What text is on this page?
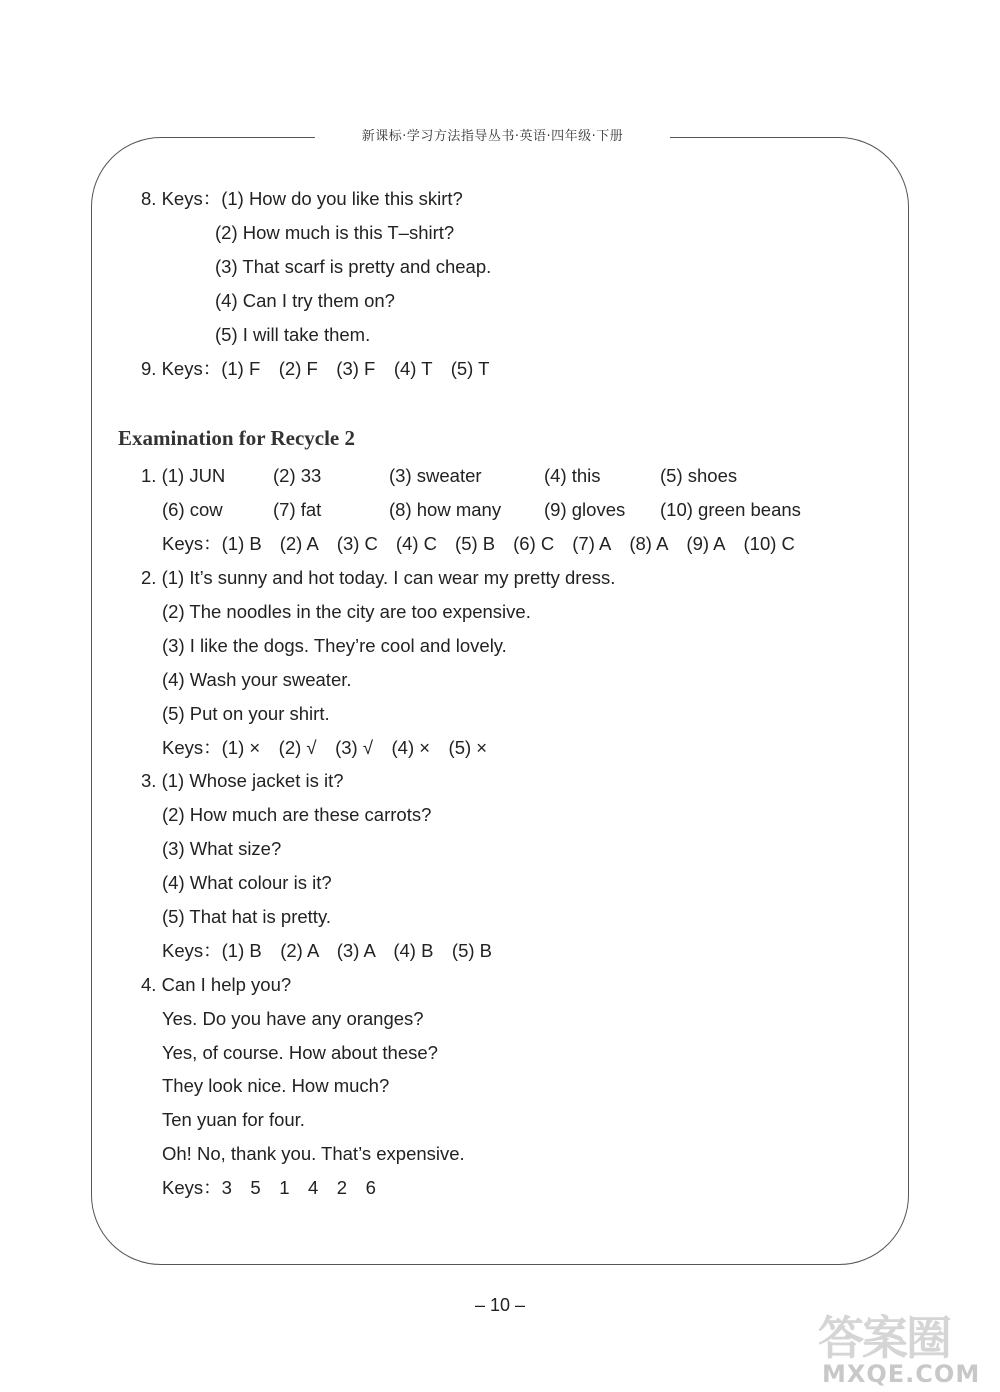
新课标·学习方法指导丛书·英语·四年级·下册
8. Keys：(1) How do you like this skirt?
(2) How much is this T–shirt?
(3) That scarf is pretty and cheap.
(4) Can I try them on?
(5) I will take them.
9. Keys：(1) F　(2) F　(3) F　(4) T　(5) T
Examination for Recycle 2
1. (1) JUN	(2) 33	(3) sweater	(4) this	(5) shoes
(6) cow	(7) fat	(8) how many (9) gloves (10) green beans
Keys：(1) B (2) A (3) C (4) C (5) B (6) C (7) A (8) A (9) A (10) C
2. (1) It’s sunny and hot today. I can wear my pretty dress.
(2) The noodles in the city are too expensive.
(3) I like the dogs. They’re cool and lovely.
(4) Wash your sweater.
(5) Put on your shirt.
Keys：(1) ×　(2) √　(3) √　(4) ×　(5) ×
3. (1) Whose jacket is it?
(2) How much are these carrots?
(3) What size?
(4) What colour is it?
(5) That hat is pretty.
Keys：(1) B　(2) A　(3) A　(4) B　(5) B
4. Can I help you?
Yes. Do you have any oranges?
Yes, of course. How about these?
They look nice. How much?
Ten yuan for four.
Oh! No, thank you. That’s expensive.
Keys：3　5　1　4　2　6
– 10 –
答案圈
MXQE.COM
